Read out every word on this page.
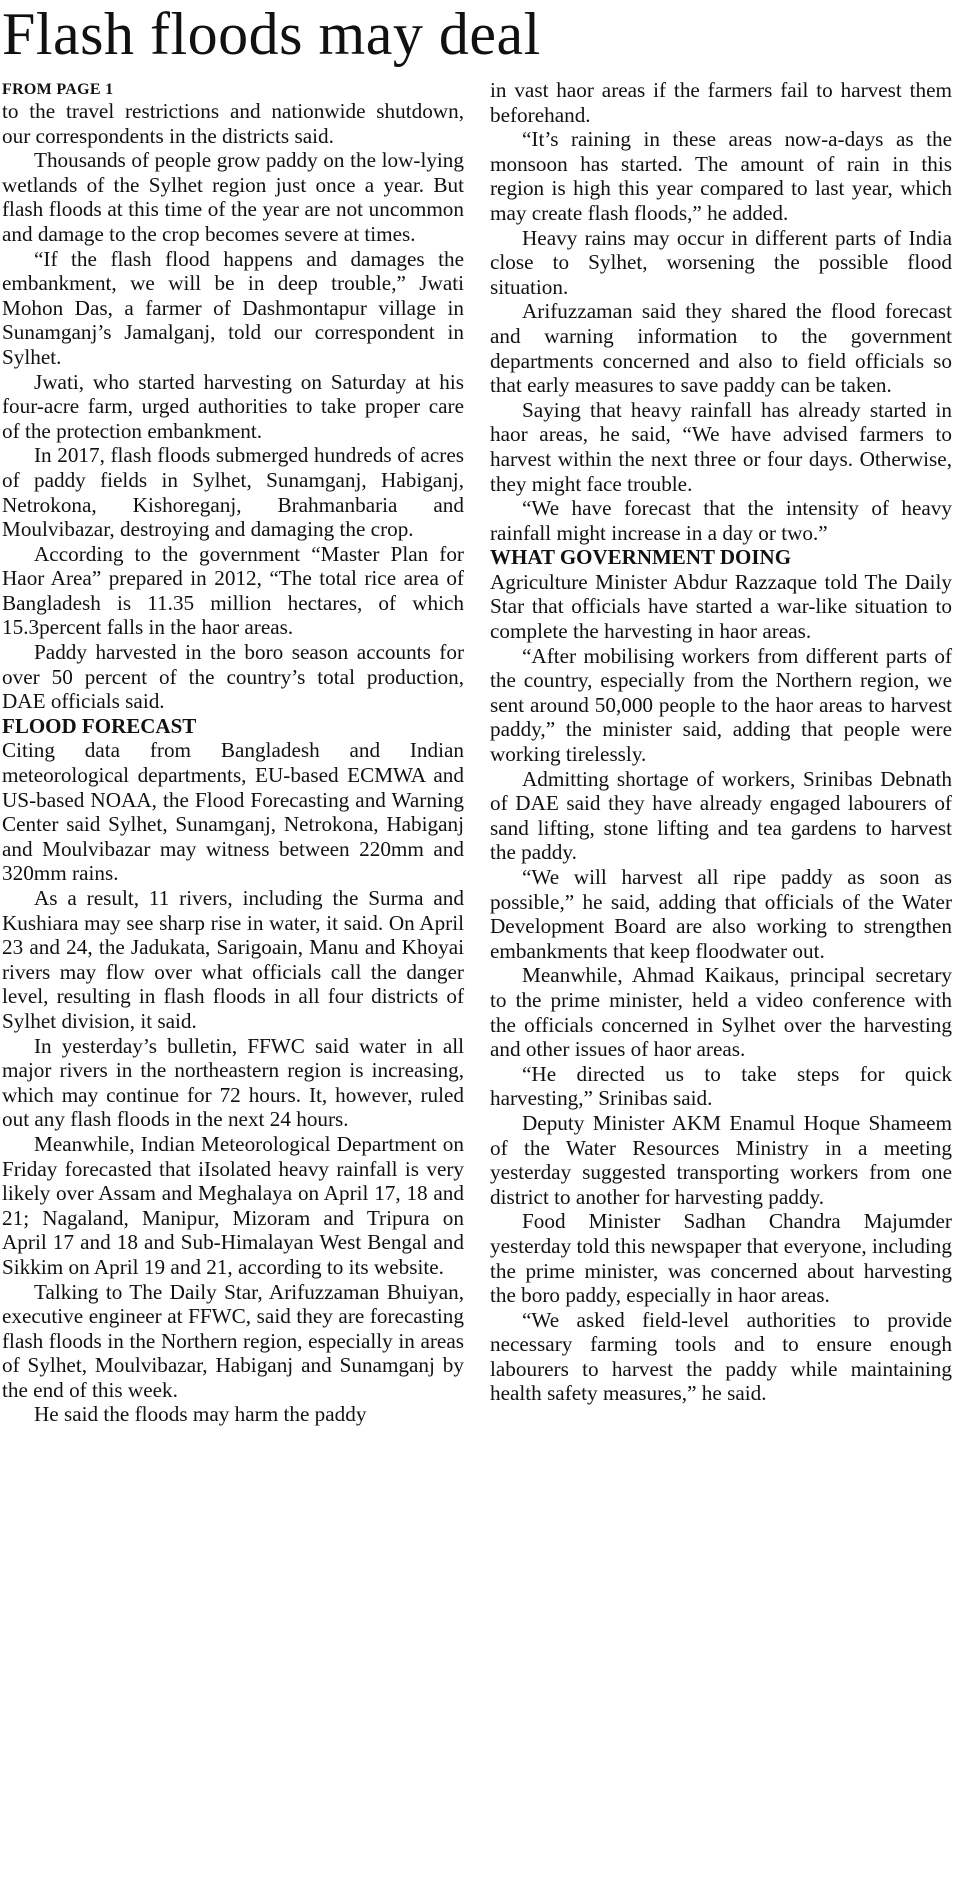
Flash floods may deal
FROM PAGE 1

to the travel restrictions and nationwide shutdown, our correspondents in the districts said.

Thousands of people grow paddy on the low-lying wetlands of the Sylhet region just once a year. But flash floods at this time of the year are not uncommon and damage to the crop becomes severe at times.

“If the flash flood happens and damages the embankment, we will be in deep trouble,” Jwati Mohon Das, a farmer of Dashmontapur village in Sunamganj’s Jamalganj, told our correspondent in Sylhet.

Jwati, who started harvesting on Saturday at his four-acre farm, urged authorities to take proper care of the protection embankment.

In 2017, flash floods submerged hundreds of acres of paddy fields in Sylhet, Sunamganj, Habiganj, Netrokona, Kishoreganj, Brahmanbaria and Moulvibazar, destroying and damaging the crop.

According to the government “Master Plan for Haor Area” prepared in 2012, “The total rice area of Bangladesh is 11.35 million hectares, of which 15.3percent falls in the haor areas.

Paddy harvested in the boro season accounts for over 50 percent of the country’s total production, DAE officials said.

FLOOD FORECAST

Citing data from Bangladesh and Indian meteorological departments, EU-based ECMWA and US-based NOAA, the Flood Forecasting and Warning Center said Sylhet, Sunamganj, Netrokona, Habiganj and Moulvibazar may witness between 220mm and 320mm rains.

As a result, 11 rivers, including the Surma and Kushiara may see sharp rise in water, it said. On April 23 and 24, the Jadukata, Sarigoain, Manu and Khoyai rivers may flow over what officials call the danger level, resulting in flash floods in all four districts of Sylhet division, it said.

In yesterday’s bulletin, FFWC said water in all major rivers in the northeastern region is increasing, which may continue for 72 hours. It, however, ruled out any flash floods in the next 24 hours.

Meanwhile, Indian Meteorological Department on Friday forecasted that iIsolated heavy rainfall is very likely over Assam and Meghalaya on April 17, 18 and 21; Nagaland, Manipur, Mizoram and Tripura on April 17 and 18 and Sub-Himalayan West Bengal and Sikkim on April 19 and 21, according to its website.

Talking to The Daily Star, Arifuzzaman Bhuiyan, executive engineer at FFWC, said they are forecasting flash floods in the Northern region, especially in areas of Sylhet, Moulvibazar, Habiganj and Sunamganj by the end of this week.

He said the floods may harm the paddy

in vast haor areas if the farmers fail to harvest them beforehand.

“It’s raining in these areas now-a-days as the monsoon has started. The amount of rain in this region is high this year compared to last year, which may create flash floods,” he added.

Heavy rains may occur in different parts of India close to Sylhet, worsening the possible flood situation.

Arifuzzaman said they shared the flood forecast and warning information to the government departments concerned and also to field officials so that early measures to save paddy can be taken.

Saying that heavy rainfall has already started in haor areas, he said, “We have advised farmers to harvest within the next three or four days. Otherwise, they might face trouble.

“We have forecast that the intensity of heavy rainfall might increase in a day or two.”

WHAT GOVERNMENT DOING

Agriculture Minister Abdur Razzaque told The Daily Star that officials have started a war-like situation to complete the harvesting in haor areas.

“After mobilising workers from different parts of the country, especially from the Northern region, we sent around 50,000 people to the haor areas to harvest paddy,” the minister said, adding that people were working tirelessly.

Admitting shortage of workers, Srinibas Debnath of DAE said they have already engaged labourers of sand lifting, stone lifting and tea gardens to harvest the paddy.

“We will harvest all ripe paddy as soon as possible,” he said, adding that officials of the Water Development Board are also working to strengthen embankments that keep floodwater out.

Meanwhile, Ahmad Kaikaus, principal secretary to the prime minister, held a video conference with the officials concerned in Sylhet over the harvesting and other issues of haor areas.

“He directed us to take steps for quick harvesting,” Srinibas said.

Deputy Minister AKM Enamul Hoque Shameem of the Water Resources Ministry in a meeting yesterday suggested transporting workers from one district to another for harvesting paddy.

Food Minister Sadhan Chandra Majumder yesterday told this newspaper that everyone, including the prime minister, was concerned about harvesting the boro paddy, especially in haor areas.

“We asked field-level authorities to provide necessary farming tools and to ensure enough labourers to harvest the paddy while maintaining health safety measures,” he said.
